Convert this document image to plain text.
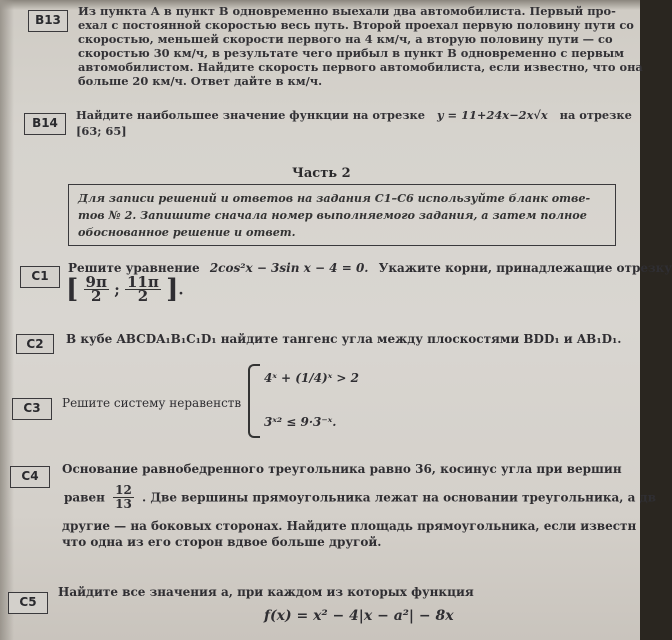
B13
Из пункта А в пункт В одновременно выехали два автомобилиста. Первый про-
ехал с постоянной скоростью весь путь. Второй проехал первую половину пути со
скоростью, меньшей скорости первого на 4 км/ч, а вторую половину пути — со
скоростью 30 км/ч, в результате чего прибыл в пункт В одновременно с первым
автомобилистом. Найдите скорость первого автомобилиста, если известно, что она
больше 20 км/ч. Ответ дайте в км/ч.
B14
Найдите наибольшее значение функции на отрезке y = 11+24x−2x√x на отрезке
[63; 65]
Часть 2
Для записи решений и ответов на задания С1–С6 используйте бланк отве-
тов № 2. Запишите сначала номер выполняемого задания, а затем полное
обоснованное решение и ответ.
C1
Решите уравнение 2cos²x − 3sin x − 4 = 0. Укажите корни, принадлежащие отрезку
[ $\frac{9\pi}{2}$ ; $\frac{11\pi}{2}$ ].
C2	В кубе ABCDA₁B₁C₁D₁ найдите тангенс угла между плоскостями BDD₁ и AB₁D₁.
C3	Решите систему неравенств
4ˣ + (1/4)ˣ > 2
3ˣ² ≤ 9·3⁻ˣ.
C4	Основание равнобедренного треугольника равно 36, косинус угла при вершин
равен $\frac{12}{13}$ . Две вершины прямоугольника лежат на основании треугольника, а дв
другие — на боковых сторонах. Найдите площадь прямоугольника, если известн
что одна из его сторон вдвое больше другой.
C5
Найдите все значения a, при каждом из которых функция
f(x) = x² − 4|x − a²| − 8x
